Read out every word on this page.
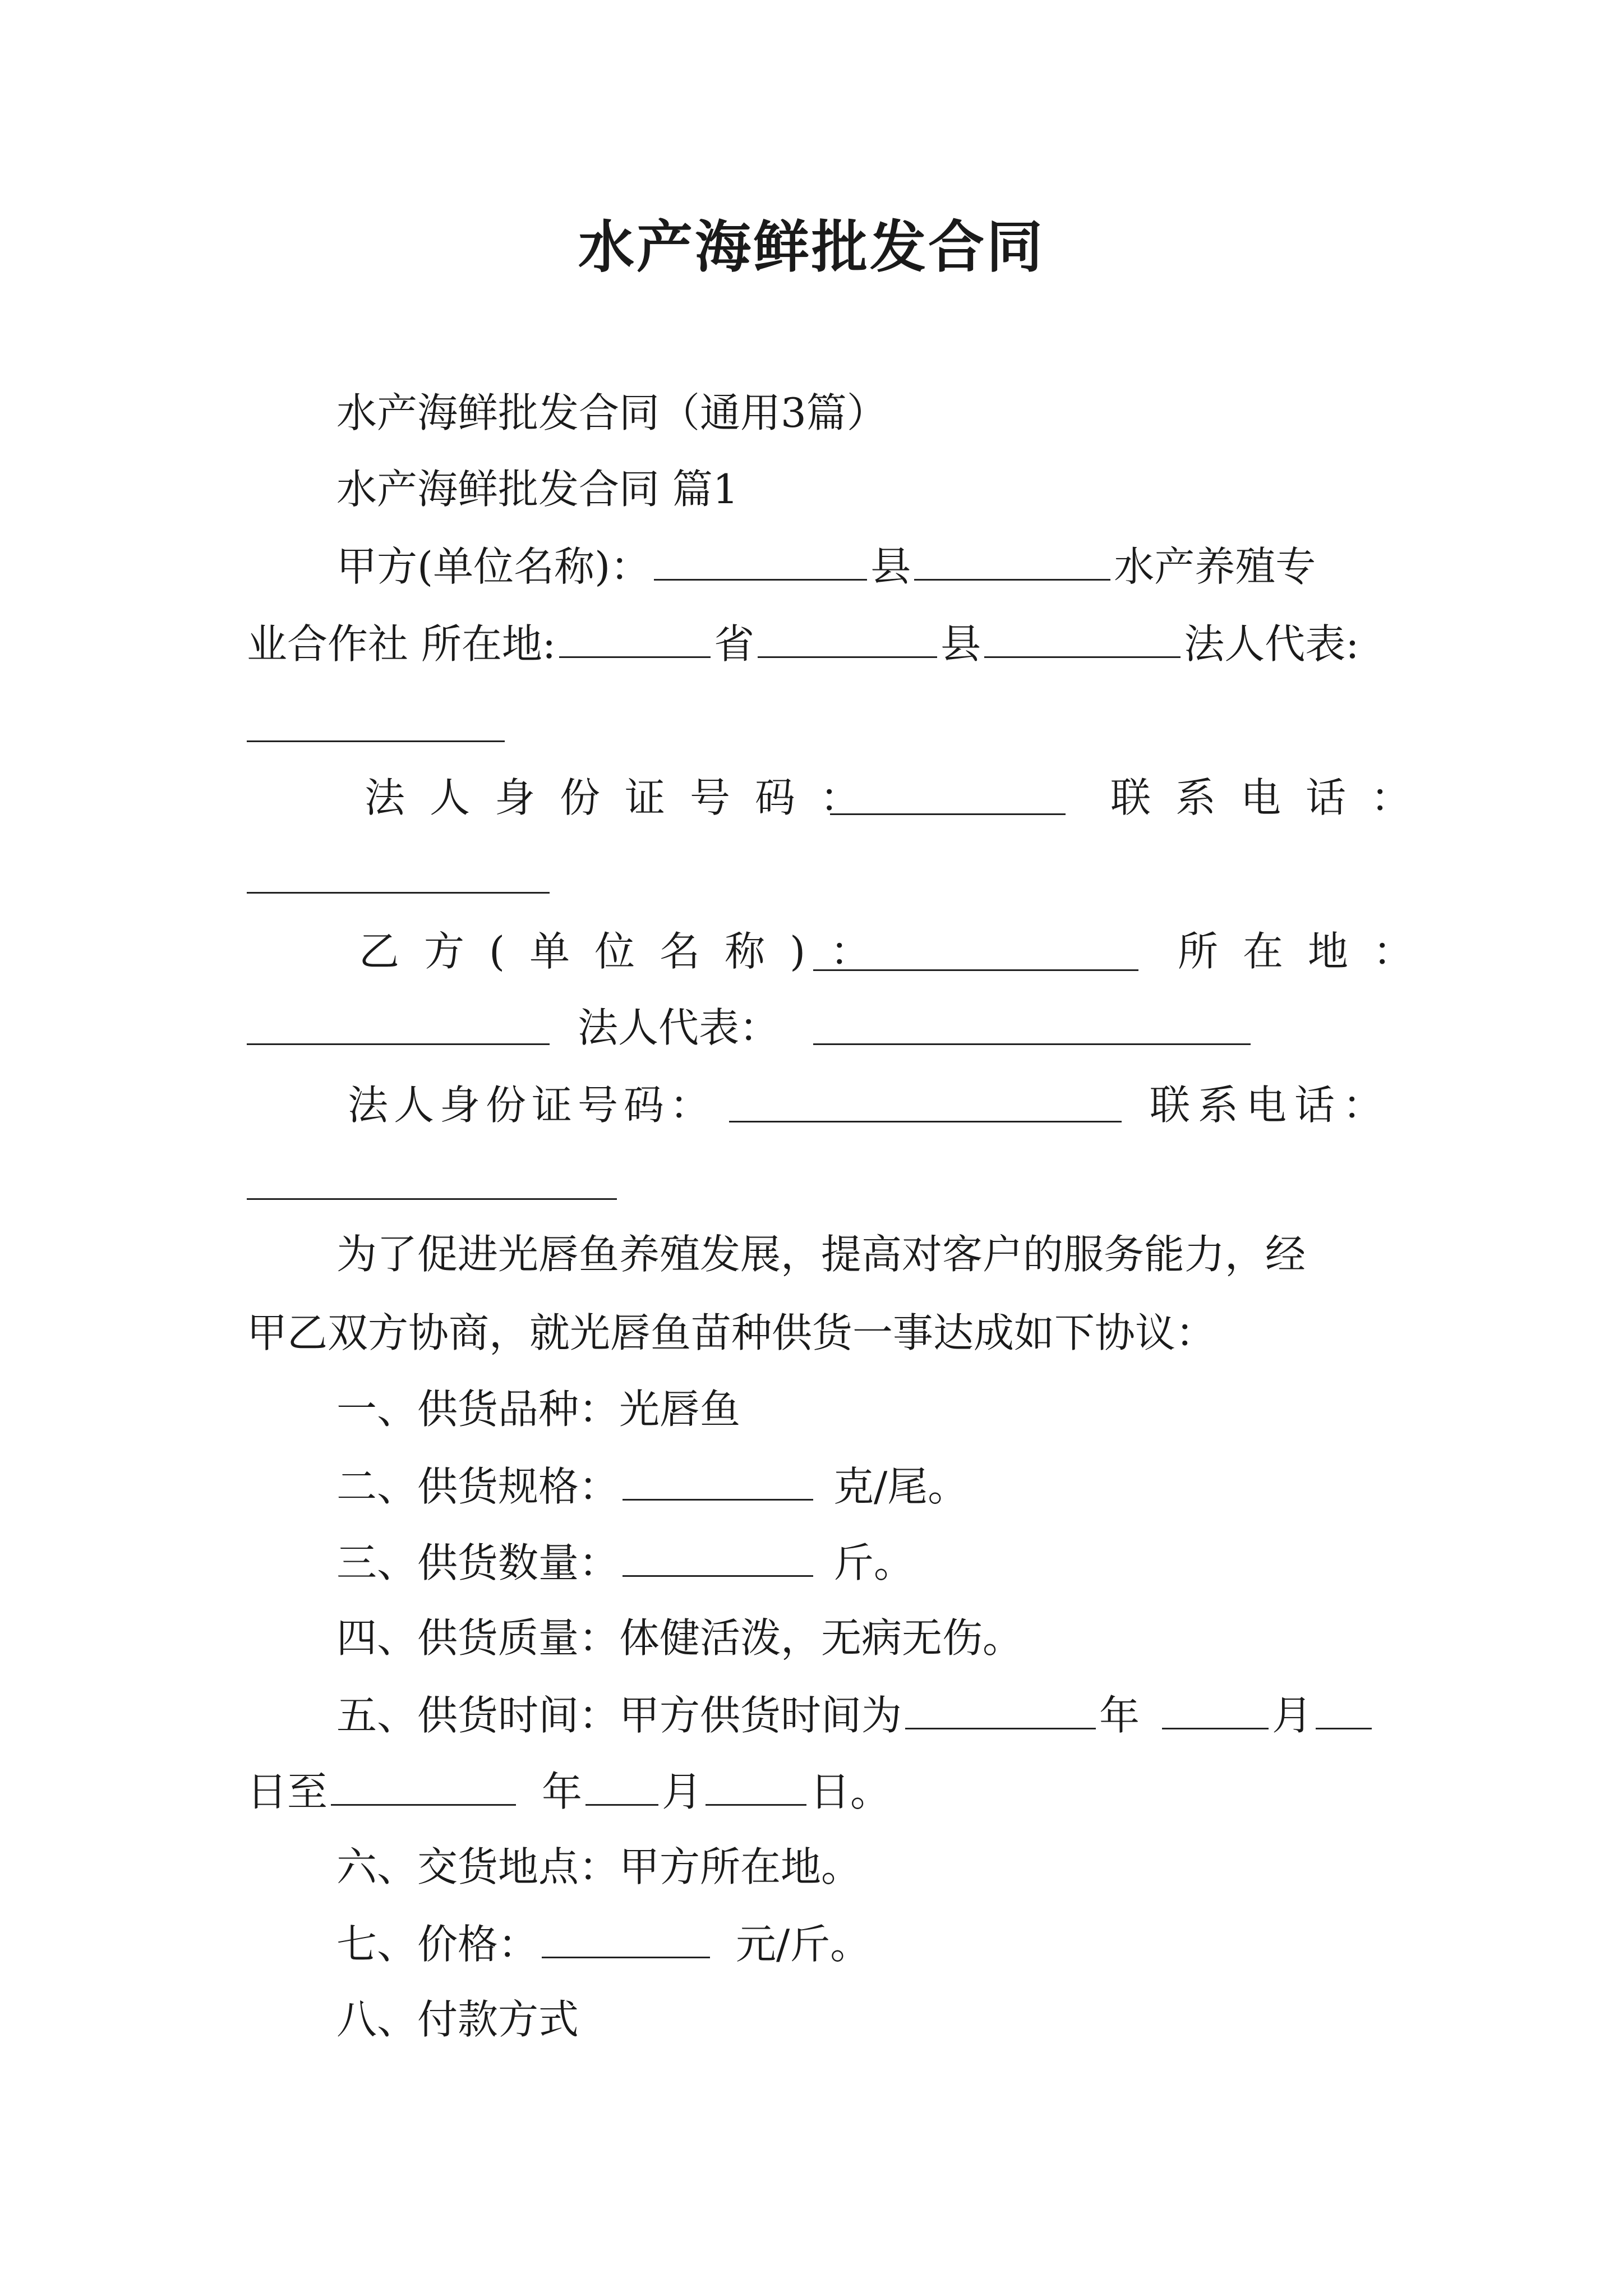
水产海鲜批发合同
水产海鲜批发合同（通用3篇）
水产海鲜批发合同 篇1
甲方(单位名称)：	县	水产养殖专
业合作社 所在地:	省	县	法人代表:
法人身份证号码：	联系电话：
乙方(单位名称)：	所在地：
法人代表：
法人身份证号码：	联系电话：
为了促进光唇鱼养殖发展，提高对客户的服务能力，经
甲乙双方协商，就光唇鱼苗种供货一事达成如下协议：
一、供货品种：光唇鱼
二、供货规格：	克/尾。
三、供货数量：	斤。
四、供货质量：体健活泼，无病无伤。
五、供货时间：甲方供货时间为	年	月
日至	年 月	日。
六、交货地点：甲方所在地。
七、价格：	元/斤。
八、付款方式
